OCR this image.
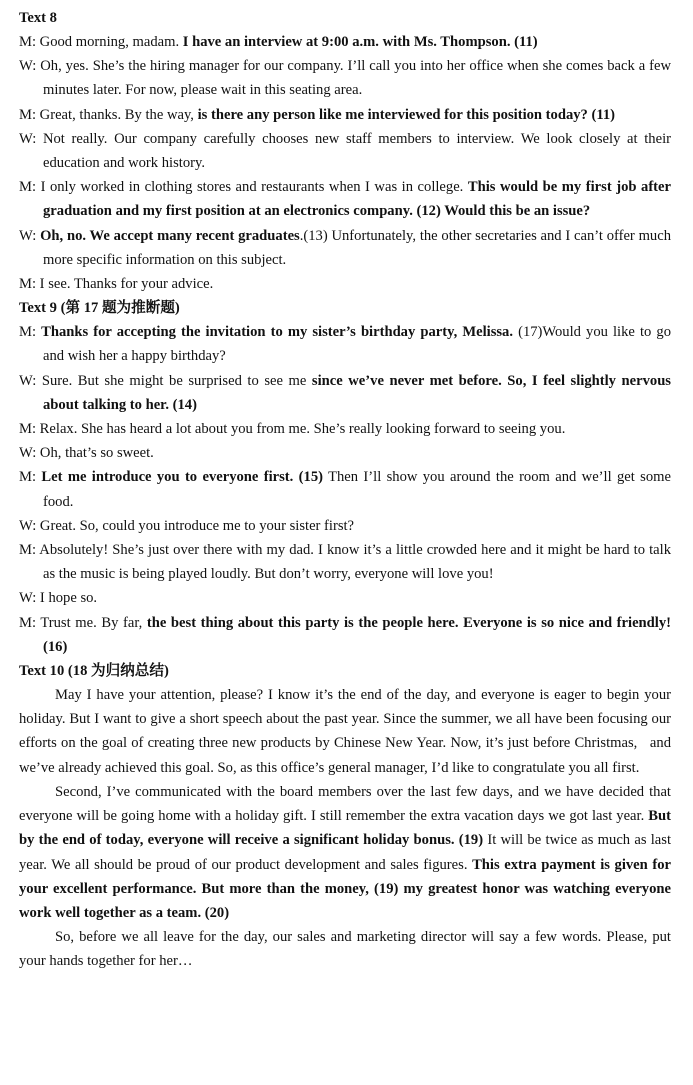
Text 8
M: Good morning, madam. I have an interview at 9:00 a.m. with Ms. Thompson. (11)
W: Oh, yes. She’s the hiring manager for our company. I’ll call you into her office when she comes back a few minutes later. For now, please wait in this seating area.
M: Great, thanks. By the way, is there any person like me interviewed for this position today? (11)
W: Not really. Our company carefully chooses new staff members to interview. We look closely at their education and work history.
M: I only worked in clothing stores and restaurants when I was in college. This would be my first job after graduation and my first position at an electronics company. (12) Would this be an issue?
W: Oh, no. We accept many recent graduates.(13) Unfortunately, the other secretaries and I can’t offer much more specific information on this subject.
M: I see. Thanks for your advice.
Text 9 (第 17 题为推断题)
M: Thanks for accepting the invitation to my sister’s birthday party, Melissa. (17)Would you like to go and wish her a happy birthday?
W: Sure. But she might be surprised to see me since we’ve never met before. So, I feel slightly nervous about talking to her. (14)
M: Relax. She has heard a lot about you from me. She’s really looking forward to seeing you.
W: Oh, that’s so sweet.
M: Let me introduce you to everyone first. (15) Then I’ll show you around the room and we’ll get some food.
W: Great. So, could you introduce me to your sister first?
M: Absolutely! She’s just over there with my dad. I know it’s a little crowded here and it might be hard to talk as the music is being played loudly. But don’t worry, everyone will love you!
W: I hope so.
M: Trust me. By far, the best thing about this party is the people here. Everyone is so nice and friendly! (16)
Text 10 (18 为归纳总结)
May I have your attention, please? I know it’s the end of the day, and everyone is eager to begin your holiday. But I want to give a short speech about the past year. Since the summer, we all have been focusing our efforts on the goal of creating three new products by Chinese New Year. Now, it’s just before Christmas,   and we’ve already achieved this goal. So, as this office’s general manager, I’d like to congratulate you all first.
Second, I’ve communicated with the board members over the last few days, and we have decided that everyone will be going home with a holiday gift. I still remember the extra vacation days we got last year. But by the end of today, everyone will receive a significant holiday bonus. (19) It will be twice as much as last year. We all should be proud of our product development and sales figures. This extra payment is given for your excellent performance. But more than the money, (19) my greatest honor was watching everyone work well together as a team. (20)
So, before we all leave for the day, our sales and marketing director will say a few words. Please, put your hands together for her…
